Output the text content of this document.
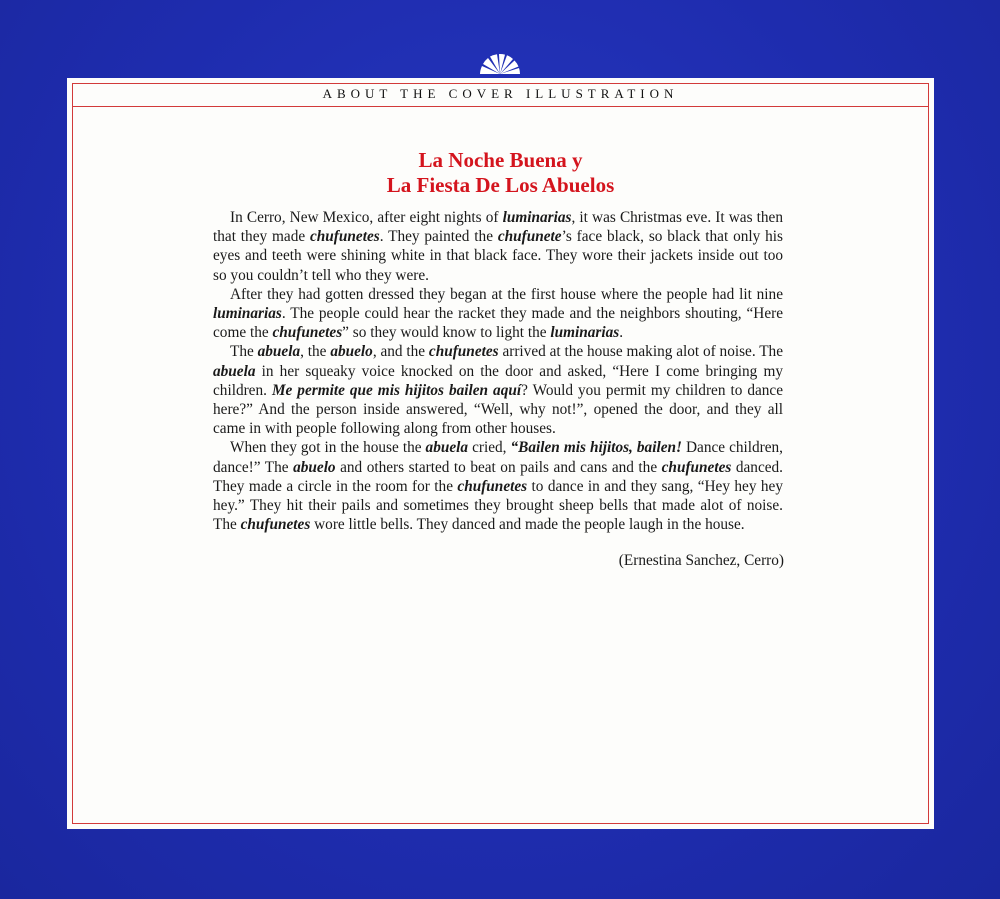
ABOUT THE COVER ILLUSTRATION
La Noche Buena y
La Fiesta De Los Abuelos

In Cerro, New Mexico, after eight nights of luminarias, it was Christmas eve. It was then that they made chufunetes. They painted the chufunete’s face black, so black that only his eyes and teeth were shining white in that black face. They wore their jackets inside out too so you couldn’t tell who they were.

After they had gotten dressed they began at the first house where the people had lit nine luminarias. The people could hear the racket they made and the neighbors shouting, “Here come the chufunetes” so they would know to light the luminarias.

The abuela, the abuelo, and the chufunetes arrived at the house making alot of noise. The abuela in her squeaky voice knocked on the door and asked, “Here I come bringing my children. Me permite que mis hijitos bailen aquí? Would you permit my children to dance here?” And the person inside answered, “Well, why not!”, opened the door, and they all came in with people following along from other houses.

When they got in the house the abuela cried, “Bailen mis hijitos, bailen! Dance children, dance!” The abuelo and others started to beat on pails and cans and the chufunetes danced. They made a circle in the room for the chufunetes to dance in and they sang, “Hey hey hey hey.” They hit their pails and sometimes they brought sheep bells that made alot of noise. The chufunetes wore little bells. They danced and made the people laugh in the house.

(Ernestina Sanchez, Cerro)
